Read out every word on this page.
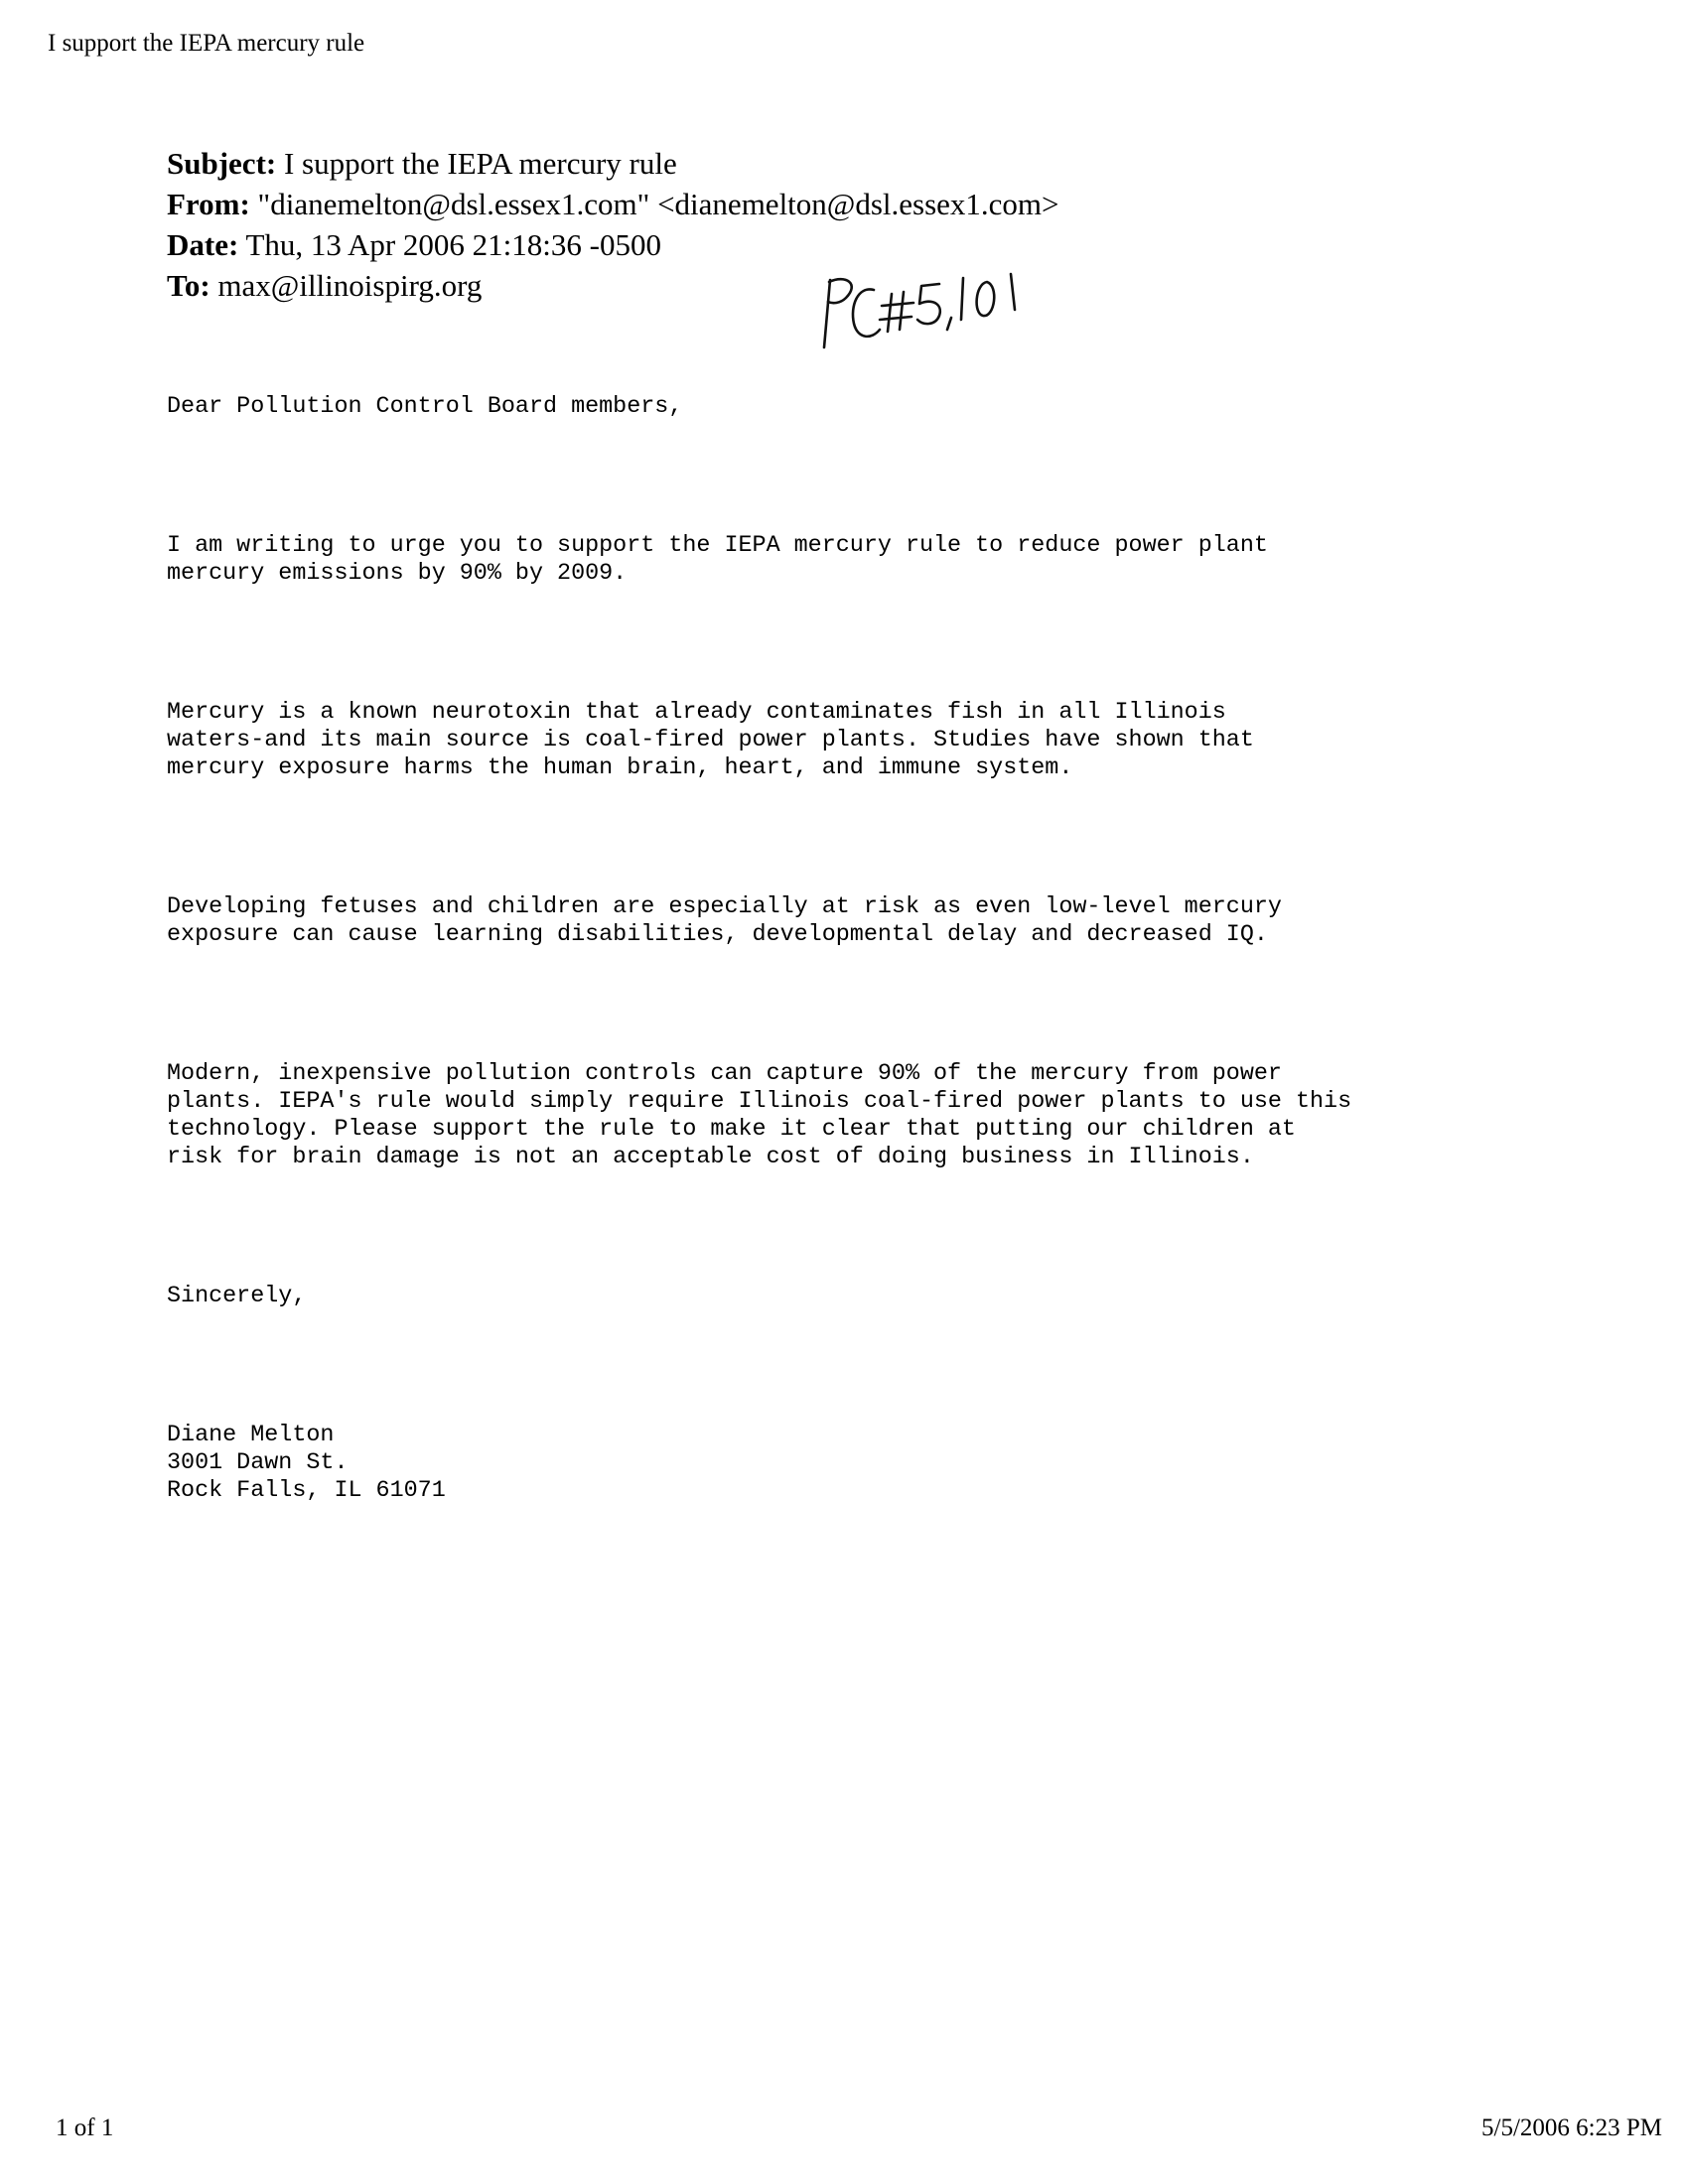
I support the IEPA mercury rule
Subject: I support the IEPA mercury rule
From: "dianemelton@dsl.essex1.com" <dianemelton@dsl.essex1.com>
Date: Thu, 13 Apr 2006 21:18:36 -0500
To: max@illinoispirg.org

Dear Pollution Control Board members,

I am writing to urge you to support the IEPA mercury rule to reduce power plant
mercury emissions by 90% by 2009.

Mercury is a known neurotoxin that already contaminates fish in all Illinois
waters-and its main source is coal-fired power plants. Studies have shown that
mercury exposure harms the human brain, heart, and immune system.

Developing fetuses and children are especially at risk as even low-level mercury
exposure can cause learning disabilities, developmental delay and decreased IQ.

Modern, inexpensive pollution controls can capture 90% of the mercury from power
plants. IEPA's rule would simply require Illinois coal-fired power plants to use this
technology. Please support the rule to make it clear that putting our children at
risk for brain damage is not an acceptable cost of doing business in Illinois.

Sincerely,

Diane Melton
3001 Dawn St.
Rock Falls, IL 61071

1 of 1	5/5/2006 6:23 PM
